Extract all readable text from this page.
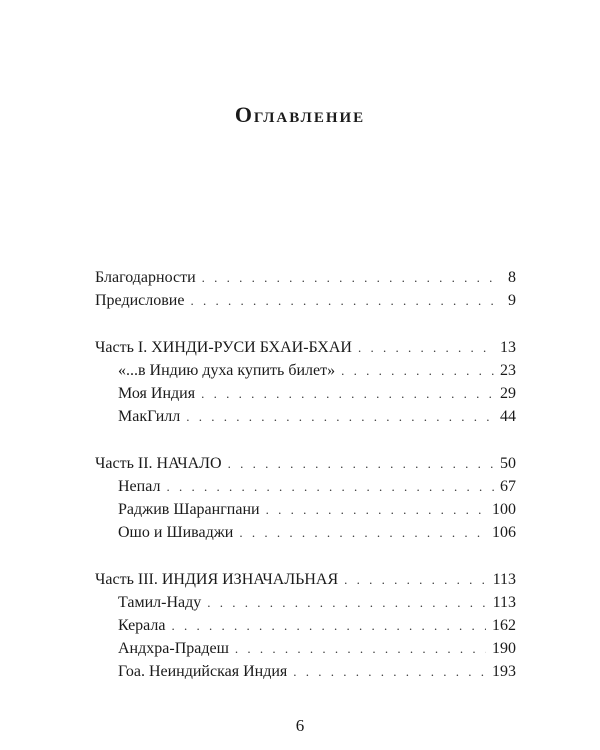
Оглавление
Благодарности . . .	8
Предисловие . . .	9
Часть I. ХИНДИ-РУСИ БХАИ-БХАИ . . .	13
«...в Индию духа купить билет» . . .	23
Моя Индия . . .	29
МакГилл . . .	44
Часть II. НАЧАЛО . . .	50
Непал . . .	67
Раджив Шарангпани . . .	100
Ошо и Шиваджи . . .	106
Часть III. ИНДИЯ ИЗНАЧАЛЬНАЯ . . .	113
Тамил-Наду . . .	113
Керала . . .	162
Андхра-Прадеш . . .	190
Гоа. Неиндийская Индия . . .	193
6
